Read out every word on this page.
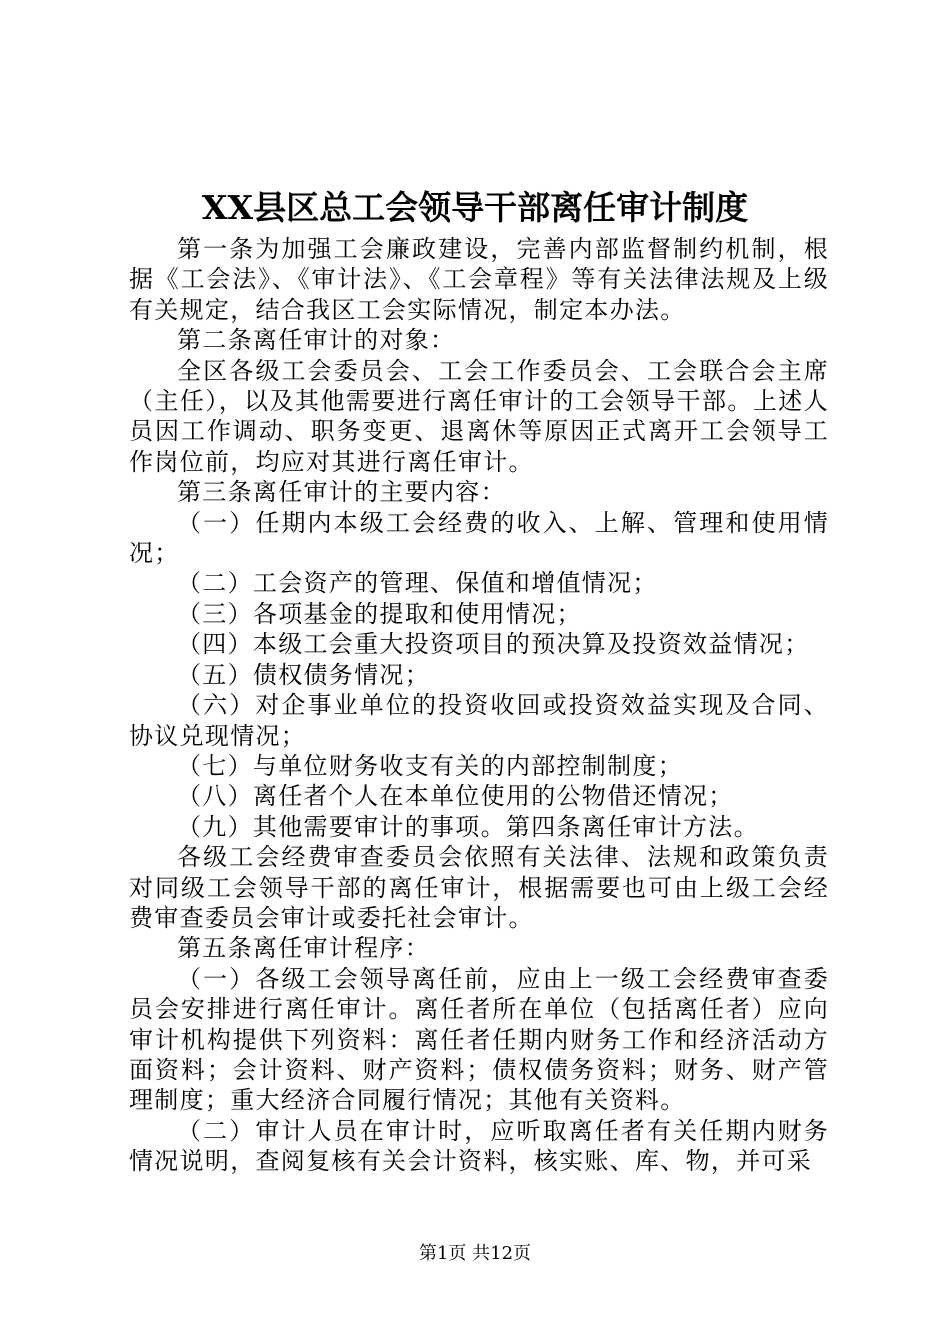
XX县区总工会领导干部离任审计制度

第一条为加强工会廉政建设，完善内部监督制约机制，根据《工会法》、《审计法》、《工会章程》等有关法律法规及上级有关规定，结合我区工会实际情况，制定本办法。

第二条离任审计的对象：

全区各级工会委员会、工会工作委员会、工会联合会主席（主任），以及其他需要进行离任审计的工会领导干部。上述人员因工作调动、职务变更、退离休等原因正式离开工会领导工作岗位前，均应对其进行离任审计。

第三条离任审计的主要内容：

（一）任期内本级工会经费的收入、上解、管理和使用情况；

（二）工会资产的管理、保值和增值情况；

（三）各项基金的提取和使用情况；

（四）本级工会重大投资项目的预决算及投资效益情况；

（五）债权债务情况；

（六）对企事业单位的投资收回或投资效益实现及合同、协议兑现情况；

（七）与单位财务收支有关的内部控制制度；

（八）离任者个人在本单位使用的公物借还情况；

（九）其他需要审计的事项。第四条离任审计方法。

各级工会经费审查委员会依照有关法律、法规和政策负责对同级工会领导干部的离任审计，根据需要也可由上级工会经费审查委员会审计或委托社会审计。

第五条离任审计程序：

（一）各级工会领导离任前，应由上一级工会经费审查委员会安排进行离任审计。离任者所在单位（包括离任者）应向审计机构提供下列资料：离任者任期内财务工作和经济活动方面资料；会计资料、财产资料；债权债务资料；财务、财产管理制度；重大经济合同履行情况；其他有关资料。

（二）审计人员在审计时，应听取离任者有关任期内财务情况说明，查阅复核有关会计资料，核实账、库、物，并可采

第1页 共12页
